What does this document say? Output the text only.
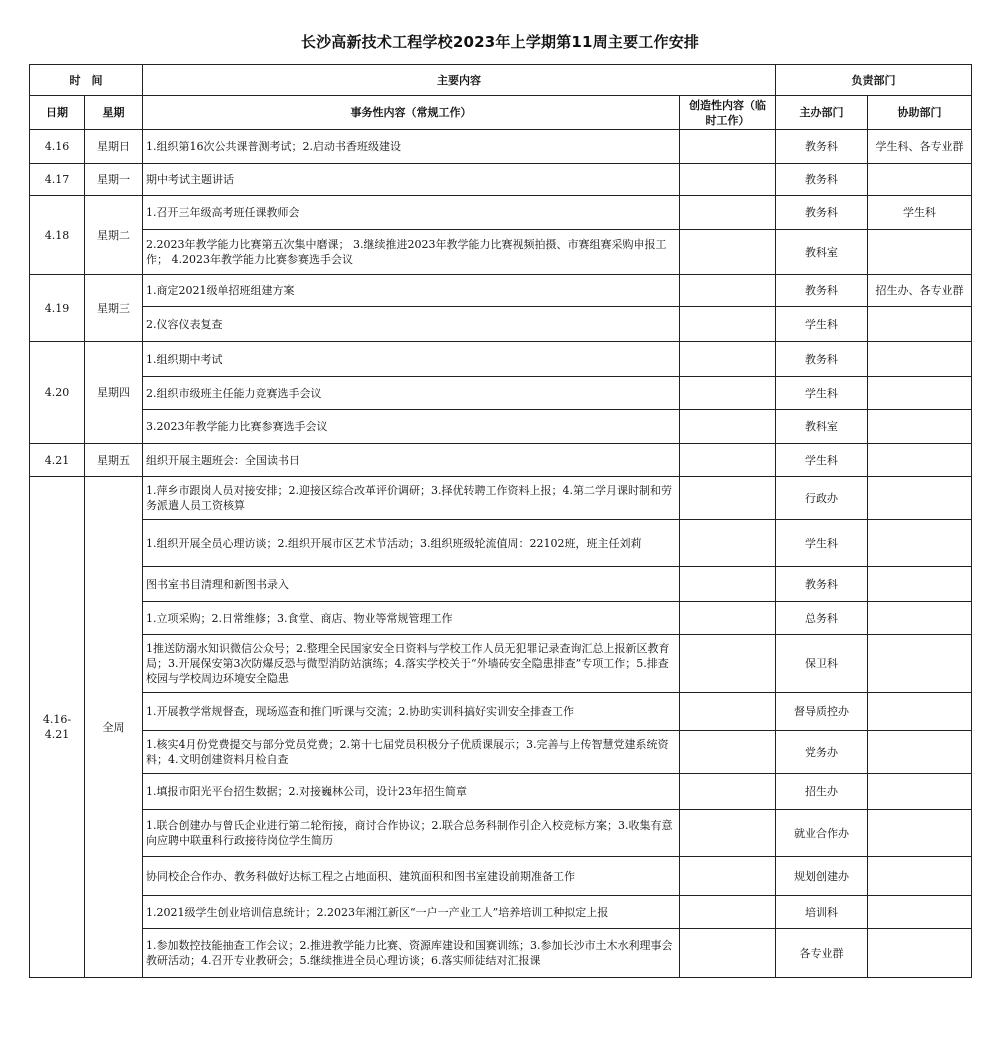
长沙高新技术工程学校2023年上学期第11周主要工作安排
时　间		主要内容		负责部门	
日期	星期	事务性内容（常规工作）	创造性内容（临时工作）	主办部门	协助部门
4.16	星期日	1.组织第16次公共课普测考试；2.启动书香班级建设		教务科	学生科、各专业群
4.17	星期一	期中考试主题讲话		教务科	
4.18	星期二	1.召开三年级高考班任课教师会		教务科	学生科
		2.2023年教学能力比赛第五次集中磨课； 3.继续推进2023年教学能力比赛视频拍摄、市赛组赛采购申报工作； 4.2023年教学能力比赛参赛选手会议		教科室	
4.19	星期三	1.商定2021级单招班组建方案		教务科	招生办、各专业群
		2.仪容仪表复查		学生科	
4.20	星期四	1.组织期中考试		教务科	
		2.组织市级班主任能力竞赛选手会议		学生科	
		3.2023年教学能力比赛参赛选手会议		教科室	
4.21	星期五	组织开展主题班会：全国读书日		学生科	
4.16-
4.21	全周	1.萍乡市跟岗人员对接安排；2.迎接区综合改革评价调研；3.择优转聘工作资料上报；4.第二学月课时制和劳务派遣人员工资核算		行政办	
		1.组织开展全员心理访谈；2.组织开展市区艺术节活动；3.组织班级轮流值周：22102班，班主任刘莉		学生科	
		图书室书目清理和新图书录入		教务科	
		1.立项采购；2.日常维修；3.食堂、商店、物业等常规管理工作		总务科	
		1推送防溺水知识微信公众号；2.整理全民国家安全日资料与学校工作人员无犯罪记录查询汇总上报新区教育局；3.开展保安第3次防爆反恐与微型消防站演练；4.落实学校关于“外墙砖安全隐患排查”专项工作；5.排查校园与学校周边环境安全隐患		保卫科	
		1.开展教学常规督查，现场巡查和推门听课与交流；2.协助实训科搞好实训安全排查工作		督导质控办	
		1.核实4月份党费提交与部分党员党费；2.第十七届党员积极分子优质课展示；3.完善与上传智慧党建系统资料；4.文明创建资料月检自查		党务办	
		1.填报市阳光平台招生数据；2.对接巍林公司，设计23年招生简章		招生办	
		1.联合创建办与曾氏企业进行第二轮衔接，商讨合作协议；2.联合总务科制作引企入校竞标方案；3.收集有意向应聘中联重科行政接待岗位学生简历		就业合作办	
		协同校企合作办、教务科做好达标工程之占地面积、建筑面积和图书室建设前期准备工作		规划创建办	
		1.2021级学生创业培训信息统计；2.2023年湘江新区“一户一产业工人”培养培训工种拟定上报		培训科	
		1.参加数控技能抽查工作会议；2.推进教学能力比赛、资源库建设和国赛训练；3.参加长沙市土木水利理事会教研活动；4.召开专业教研会；5.继续推进全员心理访谈；6.落实师徒结对汇报课		各专业群	
